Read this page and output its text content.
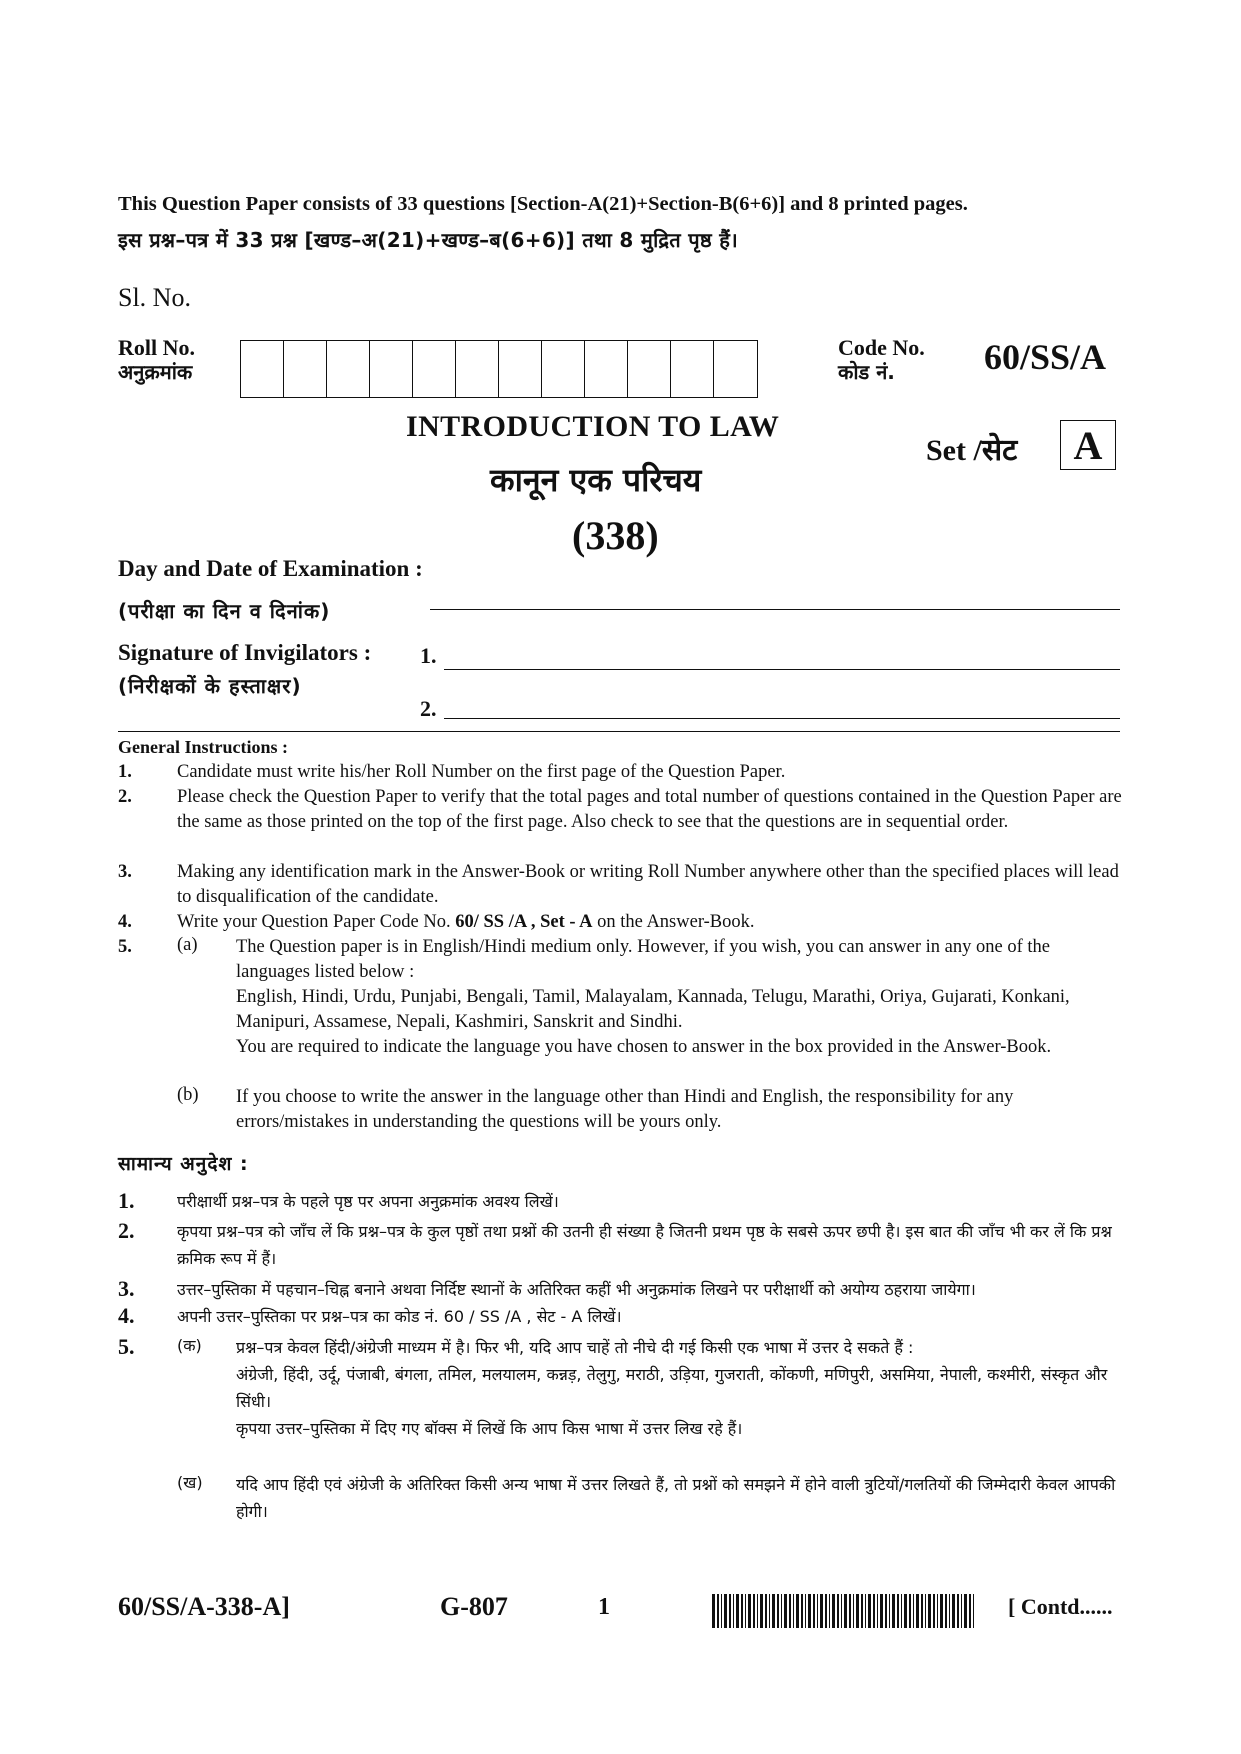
This Question Paper consists of 33 questions [Section-A(21)+Section-B(6+6)] and 8 printed pages.
इस प्रश्न–पत्र में 33 प्रश्न [खण्ड–अ(21)+खण्ड–ब(6+6)] तथा 8 मुद्रित पृष्ठ हैं।
Sl. No.
Roll No.
अनुक्रमांक
Code No.
कोड नं.	60/SS/A
INTRODUCTION TO LAW
कानून एक परिचय
(338)
Set /सेट	A
Day and Date of Examination :
(परीक्षा का दिन व दिनांक)
Signature of Invigilators : 1.
(निरीक्षकों के हस्ताक्षर)
2.
General Instructions :
1. Candidate must write his/her Roll Number on the first page of the Question Paper.
2. Please check the Question Paper to verify that the total pages and total number of questions contained in the Question Paper are the same as those printed on the top of the first page. Also check to see that the questions are in sequential order.
3. Making any identification mark in the Answer-Book or writing Roll Number anywhere other than the specified places will lead to disqualification of the candidate.
4. Write your Question Paper Code No. 60/ SS /A , Set - A on the Answer-Book.
5. (a) The Question paper is in English/Hindi medium only. However, if you wish, you can answer in any one of the languages listed below :
English, Hindi, Urdu, Punjabi, Bengali, Tamil, Malayalam, Kannada, Telugu, Marathi, Oriya, Gujarati, Konkani, Manipuri, Assamese, Nepali, Kashmiri, Sanskrit and Sindhi.
You are required to indicate the language you have chosen to answer in the box provided in the Answer-Book.
(b) If you choose to write the answer in the language other than Hindi and English, the responsibility for any errors/mistakes in understanding the questions will be yours only.
सामान्य अनुदेश :
1.	परीक्षार्थी प्रश्न–पत्र के पहले पृष्ठ पर अपना अनुक्रमांक अवश्य लिखें।
2.	कृपया प्रश्न–पत्र को जाँच लें कि प्रश्न–पत्र के कुल पृष्ठों तथा प्रश्नों की उतनी ही संख्या है जितनी प्रथम पृष्ठ के सबसे ऊपर छपी है। इस बात की जाँच भी कर लें कि प्रश्न क्रमिक रूप में हैं।
3.	उत्तर–पुस्तिका में पहचान–चिह्न बनाने अथवा निर्दिष्ट स्थानों के अतिरिक्त कहीं भी अनुक्रमांक लिखने पर परीक्षार्थी को अयोग्य ठहराया जायेगा।
4.	अपनी उत्तर–पुस्तिका पर प्रश्न–पत्र का कोड नं. 60 / SS /A , सेट - A लिखें।
5.	(क) प्रश्न–पत्र केवल हिंदी/अंग्रेजी माध्यम में है। फिर भी, यदि आप चाहें तो नीचे दी गई किसी एक भाषा में उत्तर दे सकते हैं :
अंग्रेजी, हिंदी, उर्दू, पंजाबी, बंगला, तमिल, मलयालम, कन्नड़, तेलुगु, मराठी, उड़िया, गुजराती, कोंकणी, मणिपुरी, असमिया, नेपाली, कश्मीरी, संस्कृत और सिंधी।
कृपया उत्तर–पुस्तिका में दिए गए बॉक्स में लिखें कि आप किस भाषा में उत्तर लिख रहे हैं।
(ख) यदि आप हिंदी एवं अंग्रेजी के अतिरिक्त किसी अन्य भाषा में उत्तर लिखते हैं, तो प्रश्नों को समझने में होने वाली त्रुटियों/गलतियों की जिम्मेदारी केवल आपकी होगी।
60/SS/A-338-A]	G-807	1	[ Contd......
